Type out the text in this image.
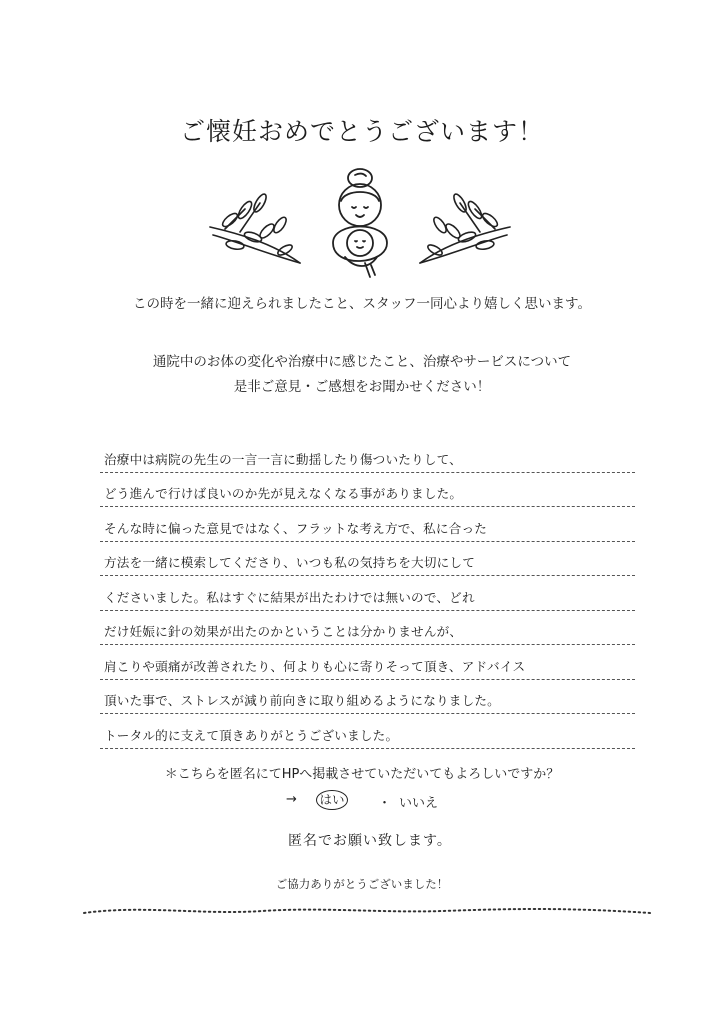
ご懐妊おめでとうございます！
この時を一緒に迎えられましたこと、スタッフ一同心より嬉しく思います。
通院中のお体の変化や治療中に感じたこと、治療やサービスについて
是非ご意見・ご感想をお聞かせください！
治療中は病院の先生の一言一言に動揺したり傷ついたりして、
どう進んで行けば良いのか先が見えなくなる事がありました。
そんな時に偏った意見ではなく、フラットな考え方で、私に合った
方法を一緒に模索してくださり、いつも私の気持ちを大切にして
くださいました。私はすぐに結果が出たわけでは無いので、どれ
だけ妊娠に針の効果が出たのかということは分かりませんが、
肩こりや頭痛が改善されたり、何よりも心に寄りそって頂き、アドバイス
頂いた事で、ストレスが減り前向きに取り組めるようになりました。
トータル的に支えて頂きありがとうございました。
＊こちらを匿名にてHPへ掲載させていただいてもよろしいですか？
→ はい	・ いいえ
匿名でお願い致します。
ご協力ありがとうございました！
